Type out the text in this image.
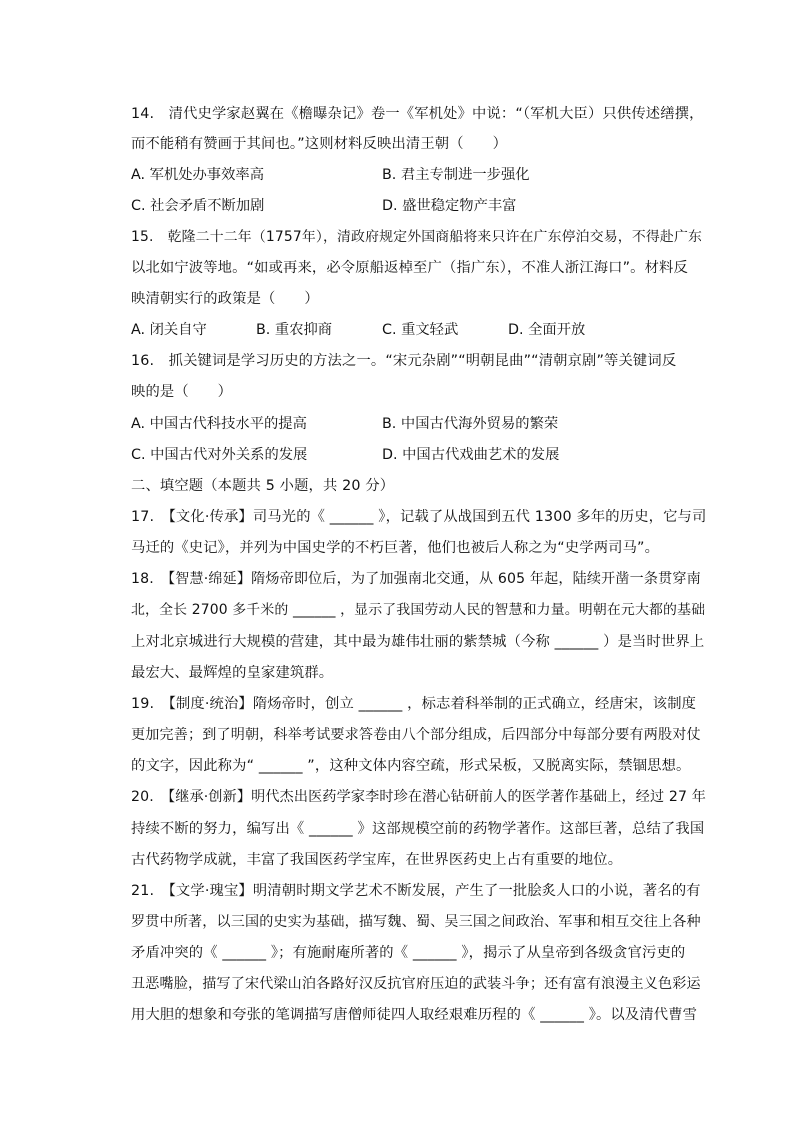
14.　清代史学家赵翼在《檐曝杂记》卷一《军机处》中说：“（军机大臣）只供传述缮撰，
而不能稍有赞画于其间也。”这则材料反映出清王朝（　　）
A. 军机处办事效率高	B. 君主专制进一步强化
C. 社会矛盾不断加剧	D. 盛世稳定物产丰富
15.　乾隆二十二年（1757年），清政府规定外国商船将来只许在广东停泊交易，不得赴广东
以北如宁波等地。“如或再来，必令原船返棹至广（指广东），不准人浙江海口”。材料反
映清朝实行的政策是（　　）
A. 闭关自守	B. 重农抑商	C. 重文轻武	D. 全面开放
16.　抓关键词是学习历史的方法之一。“宋元杂剧”“明朝昆曲”“清朝京剧”等关键词反
映的是（　　）
A. 中国古代科技水平的提高	B. 中国古代海外贸易的繁荣
C. 中国古代对外关系的发展	D. 中国古代戏曲艺术的发展
二、填空题（本题共 5 小题，共 20 分）
17.　【文化·传承】司马光的《 ______ 》，记载了从战国到五代 1300 多年的历史，它与司
马迁的《史记》，并列为中国史学的不朽巨著，他们也被后人称之为“史学两司马”。
18.　【智慧·绵延】隋炀帝即位后，为了加强南北交通，从 605 年起，陆续开凿一条贯穿南
北，全长 2700 多千米的 ______ ，显示了我国劳动人民的智慧和力量。明朝在元大都的基础
上对北京城进行大规模的营建，其中最为雄伟壮丽的紫禁城（今称 ______ ）是当时世界上
最宏大、最辉煌的皇家建筑群。
19.　【制度·统治】隋炀帝时，创立 ______ ，标志着科举制的正式确立，经唐宋，该制度
更加完善；到了明朝，科举考试要求答卷由八个部分组成，后四部分中每部分要有两股对仗
的文字，因此称为“ ______ ”，这种文体内容空疏，形式呆板，又脱离实际，禁锢思想。
20.　【继承·创新】明代杰出医药学家李时珍在潜心钻研前人的医学著作基础上，经过 27 年
持续不断的努力，编写出《 ______ 》这部规模空前的药物学著作。这部巨著，总结了我国
古代药物学成就，丰富了我国医药学宝库，在世界医药史上占有重要的地位。
21.　【文学·瑰宝】明清朝时期文学艺术不断发展，产生了一批脍炙人口的小说，著名的有
罗贯中所著，以三国的史实为基础，描写魏、蜀、吴三国之间政治、军事和相互交往上各种
矛盾冲突的《 ______ 》；有施耐庵所著的《 ______ 》，揭示了从皇帝到各级贪官污吏的
丑恶嘴脸，描写了宋代梁山泊各路好汉反抗官府压迫的武装斗争；还有富有浪漫主义色彩运
用大胆的想象和夸张的笔调描写唐僧师徒四人取经艰难历程的《 ______ 》。以及清代曹雪
